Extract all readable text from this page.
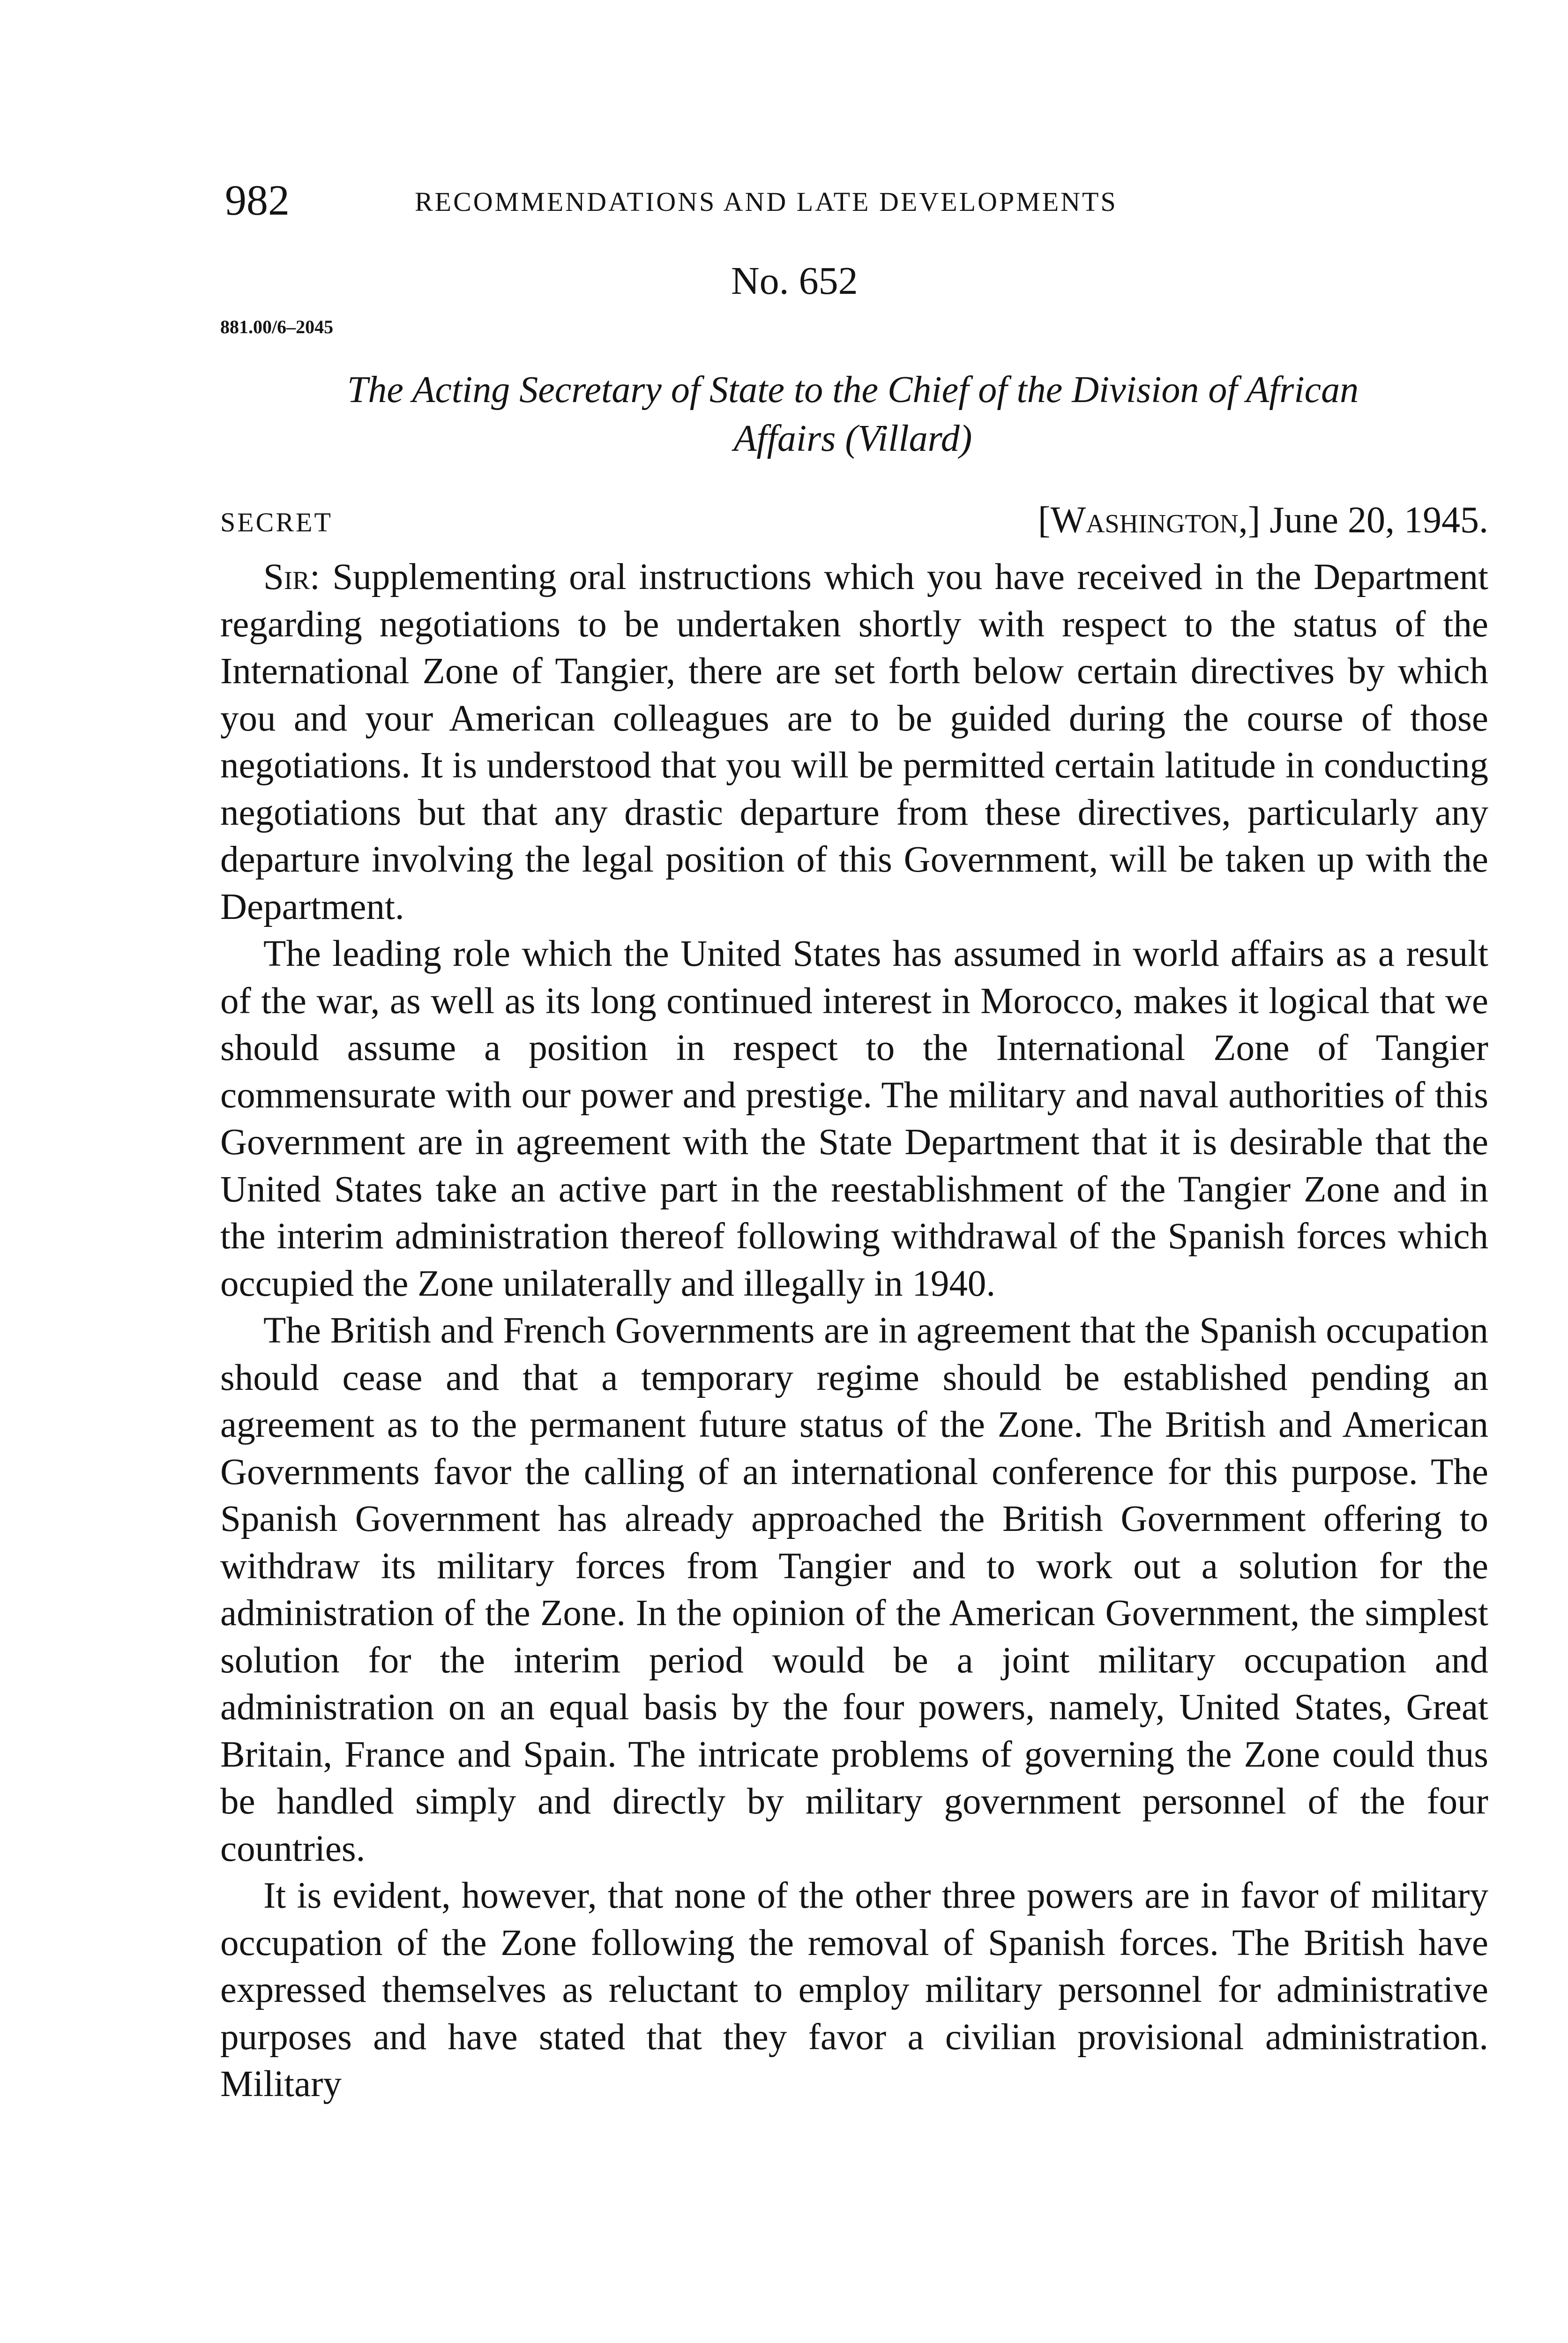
982	RECOMMENDATIONS AND LATE DEVELOPMENTS
No. 652
881.00/6–2045
The Acting Secretary of State to the Chief of the Division of African
Affairs (Villard)
SECRET	[Washington,] June 20, 1945.

Sir: Supplementing oral instructions which you have received in the Department regarding negotiations to be undertaken shortly with respect to the status of the International Zone of Tangier, there are set forth below certain directives by which you and your American colleagues are to be guided during the course of those negotiations. It is understood that you will be permitted certain latitude in conducting negotiations but that any drastic departure from these directives, particularly any departure involving the legal position of this Government, will be taken up with the Department.

The leading role which the United States has assumed in world affairs as a result of the war, as well as its long continued interest in Morocco, makes it logical that we should assume a position in respect to the International Zone of Tangier commensurate with our power and prestige. The military and naval authorities of this Government are in agreement with the State Department that it is desirable that the United States take an active part in the reestablishment of the Tangier Zone and in the interim administration thereof following withdrawal of the Spanish forces which occupied the Zone unilaterally and illegally in 1940.

The British and French Governments are in agreement that the Spanish occupation should cease and that a temporary regime should be established pending an agreement as to the permanent future status of the Zone. The British and American Governments favor the calling of an international conference for this purpose. The Spanish Government has already approached the British Government offering to withdraw its military forces from Tangier and to work out a solution for the administration of the Zone. In the opinion of the American Government, the simplest solution for the interim period would be a joint military occupation and administration on an equal basis by the four powers, namely, United States, Great Britain, France and Spain. The intricate problems of governing the Zone could thus be handled simply and directly by military government personnel of the four countries.

It is evident, however, that none of the other three powers are in favor of military occupation of the Zone following the removal of Spanish forces. The British have expressed themselves as reluctant to employ military personnel for administrative purposes and have stated that they favor a civilian provisional administration. Military
